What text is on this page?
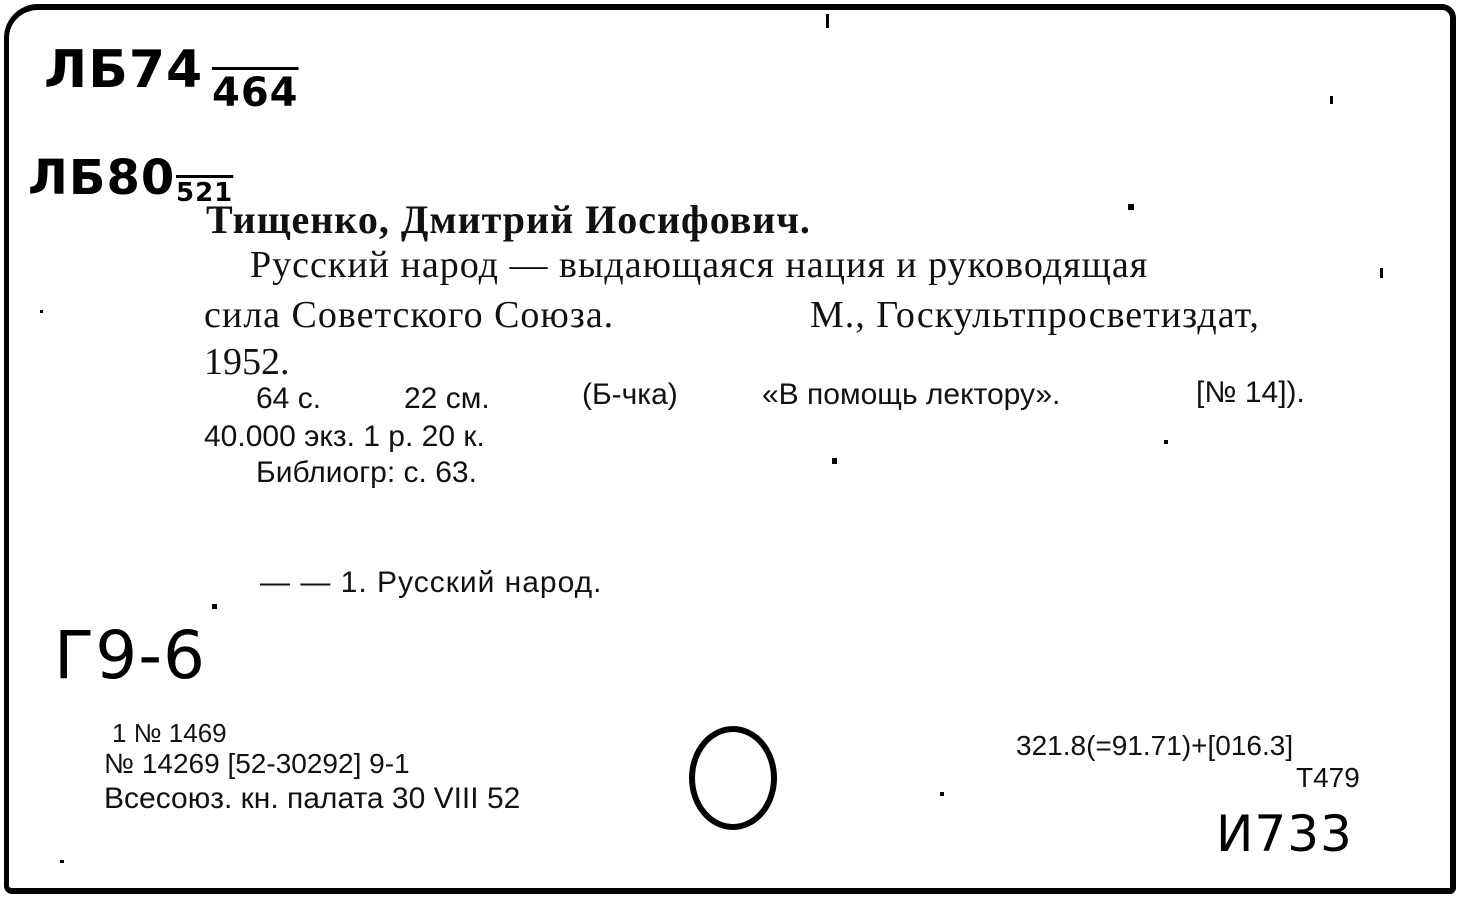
ЛБ74 464
ЛБ80 521
Тищенко, Дмитрий Иосифович.
Русский народ — выдающаяся нация и руководящая
сила Советского Союза.	М., Госкультпросветиздат,
1952.
64 с.	22 см.	(Б-чка)	«В помощь лектору».	[№ 14]).
40.000 экз. 1 р. 20 к.
Библиогр: с. 63.
— — 1. Русский народ.
Г9-6
1 № 1469
№ 14269 [52-30292] 9-1
Всесоюз. кн. палата 30 VIII 52
321.8(=91.71)+[016.3]
Т479
И733
